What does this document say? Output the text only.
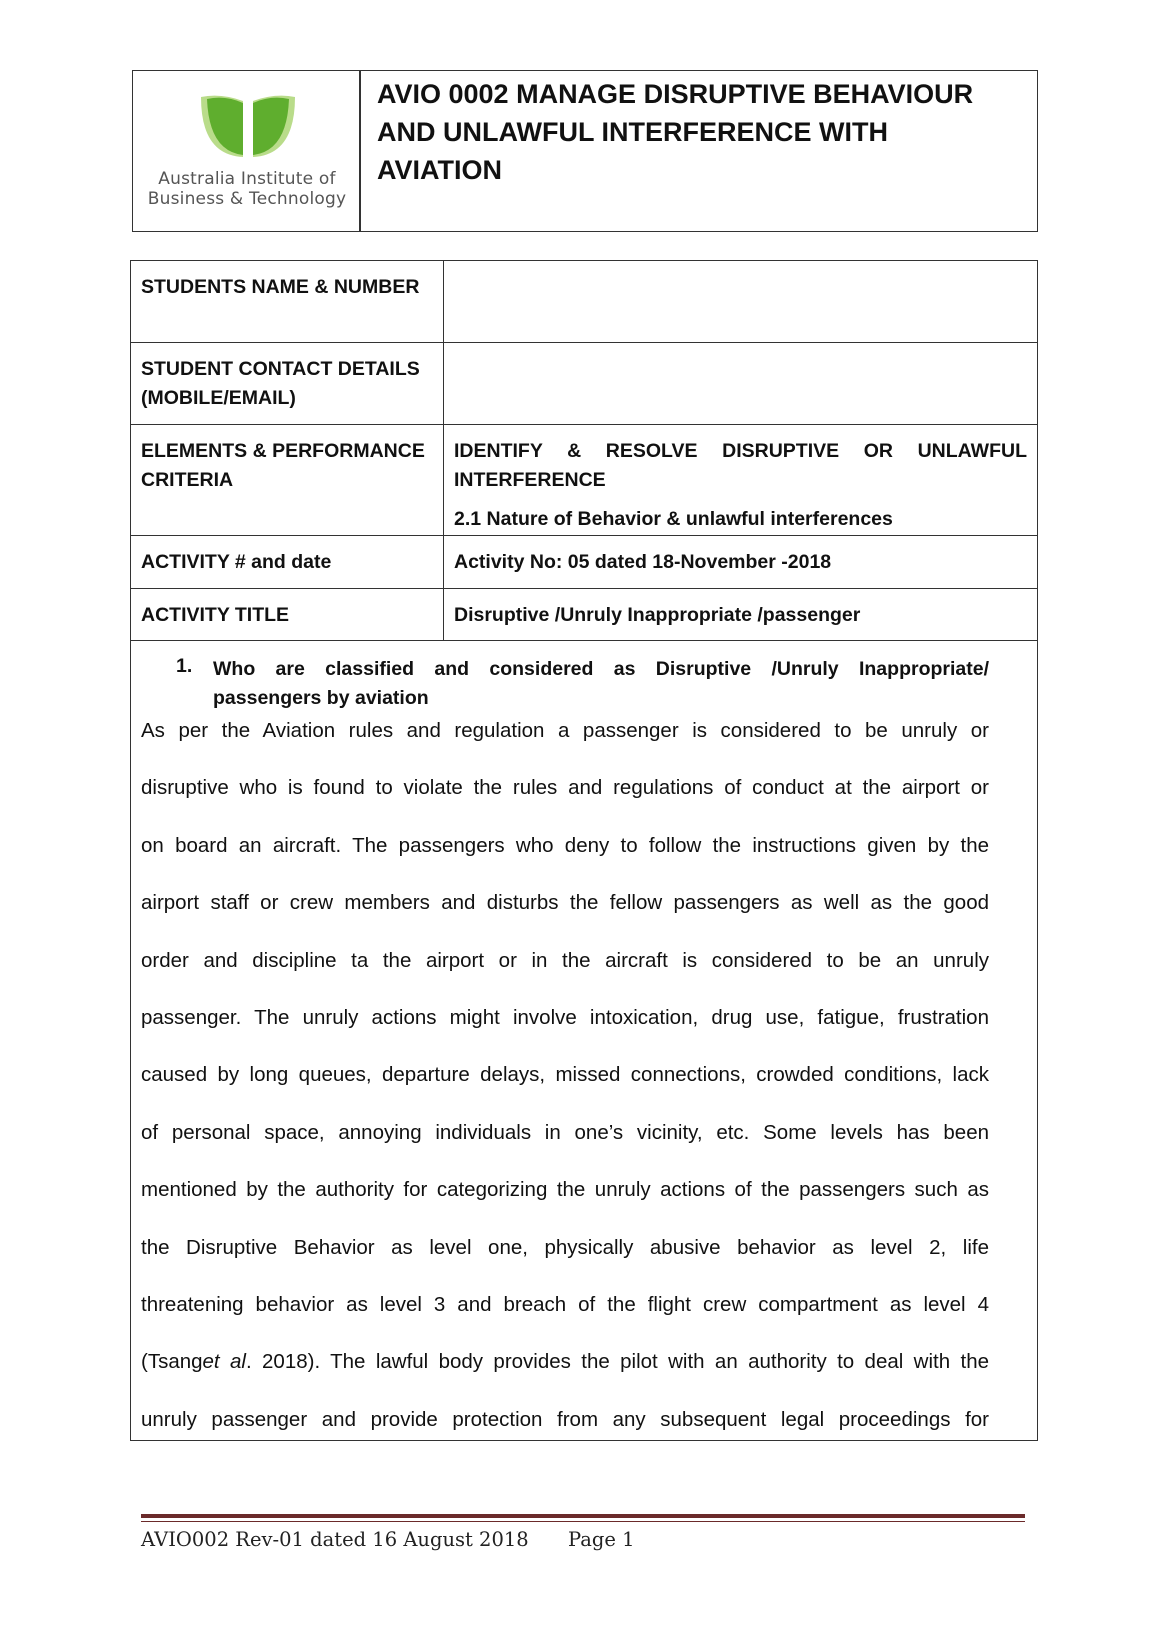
Australia Institute of
Business & Technology
AVIO 0002 MANAGE DISRUPTIVE BEHAVIOUR AND UNLAWFUL INTERFERENCE WITH AVIATION
STUDENTS NAME & NUMBER	
STUDENT CONTACT DETAILS (MOBILE/EMAIL)	
ELEMENTS & PERFORMANCE CRITERIA	IDENTIFY & RESOLVE DISRUPTIVE OR UNLAWFUL INTERFERENCE
2.1 Nature of Behavior & unlawful interferences

ACTIVITY # and date	Activity No: 05 dated 18-November -2018
ACTIVITY TITLE	Disruptive /Unruly Inappropriate /passenger
1. Who are classified and considered as Disruptive /Unruly Inappropriate/
passengers by aviation
As per the Aviation rules and regulation a passenger is considered to be unruly or
disruptive who is found to violate the rules and regulations of conduct at the airport or
on board an aircraft. The passengers who deny to follow the instructions given by the
airport staff or crew members and disturbs the fellow passengers as well as the good
order and discipline ta the airport or in the aircraft is considered to be an unruly
passenger. The unruly actions might involve intoxication, drug use, fatigue, frustration
caused by long queues, departure delays, missed connections, crowded conditions, lack
of personal space, annoying individuals in one’s vicinity, etc. Some levels has been
mentioned by the authority for categorizing the unruly actions of the passengers such as
the Disruptive Behavior as level one, physically abusive behavior as level 2, life
threatening behavior as level 3 and breach of the flight crew compartment as level 4
(Tsanget al. 2018). The lawful body provides the pilot with an authority to deal with the
unruly passenger and provide protection from any subsequent legal proceedings for
AVIO002 Rev-01 dated 16 August 2018 Page 1
